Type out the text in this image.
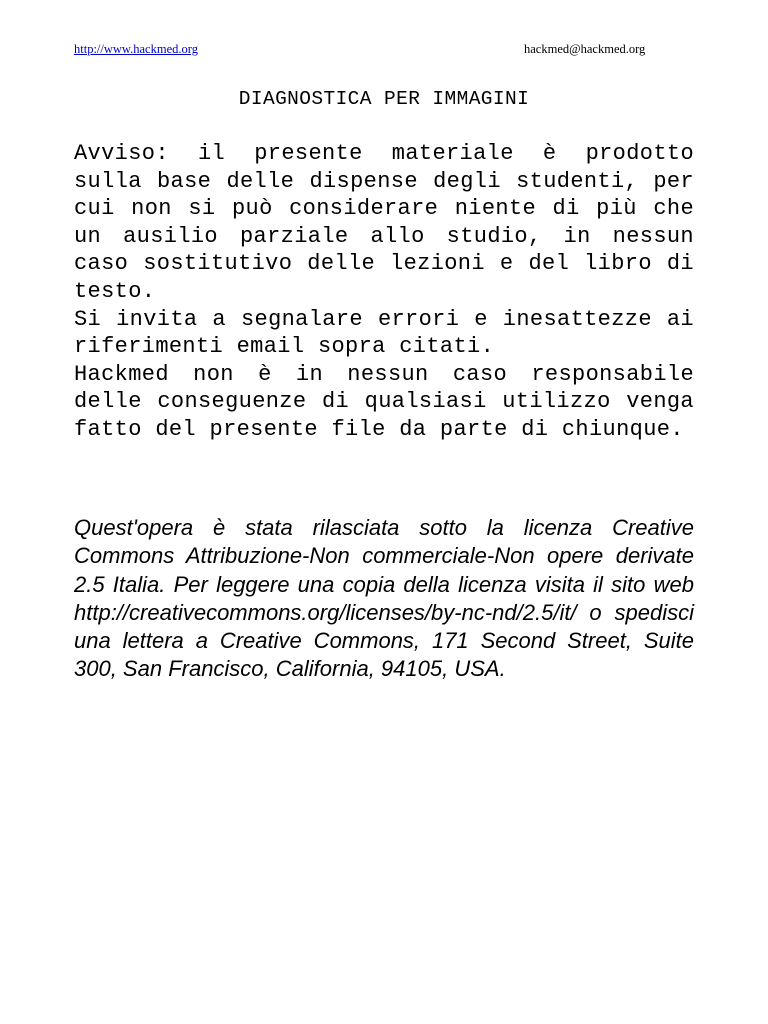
http://www.hackmed.org	hackmed@hackmed.org
DIAGNOSTICA PER IMMAGINI

Avviso: il presente materiale è prodotto sulla base delle dispense degli studenti, per cui non si può considerare niente di più che un ausilio parziale allo studio, in nessun caso sostitutivo delle lezioni e del libro di testo.

Si invita a segnalare errori e inesattezze ai riferimenti email sopra citati.

Hackmed non è in nessun caso responsabile delle conseguenze di qualsiasi utilizzo venga fatto del presente file da parte di chiunque.

Quest'opera è stata rilasciata sotto la licenza Creative Commons Attribuzione-Non commerciale-Non opere derivate 2.5 Italia. Per leggere una copia della licenza visita il sito web http://creativecommons.org/licenses/by-nc-nd/2.5/it/ o spedisci una lettera a Creative Commons, 171 Second Street, Suite 300, San Francisco, California, 94105, USA.
